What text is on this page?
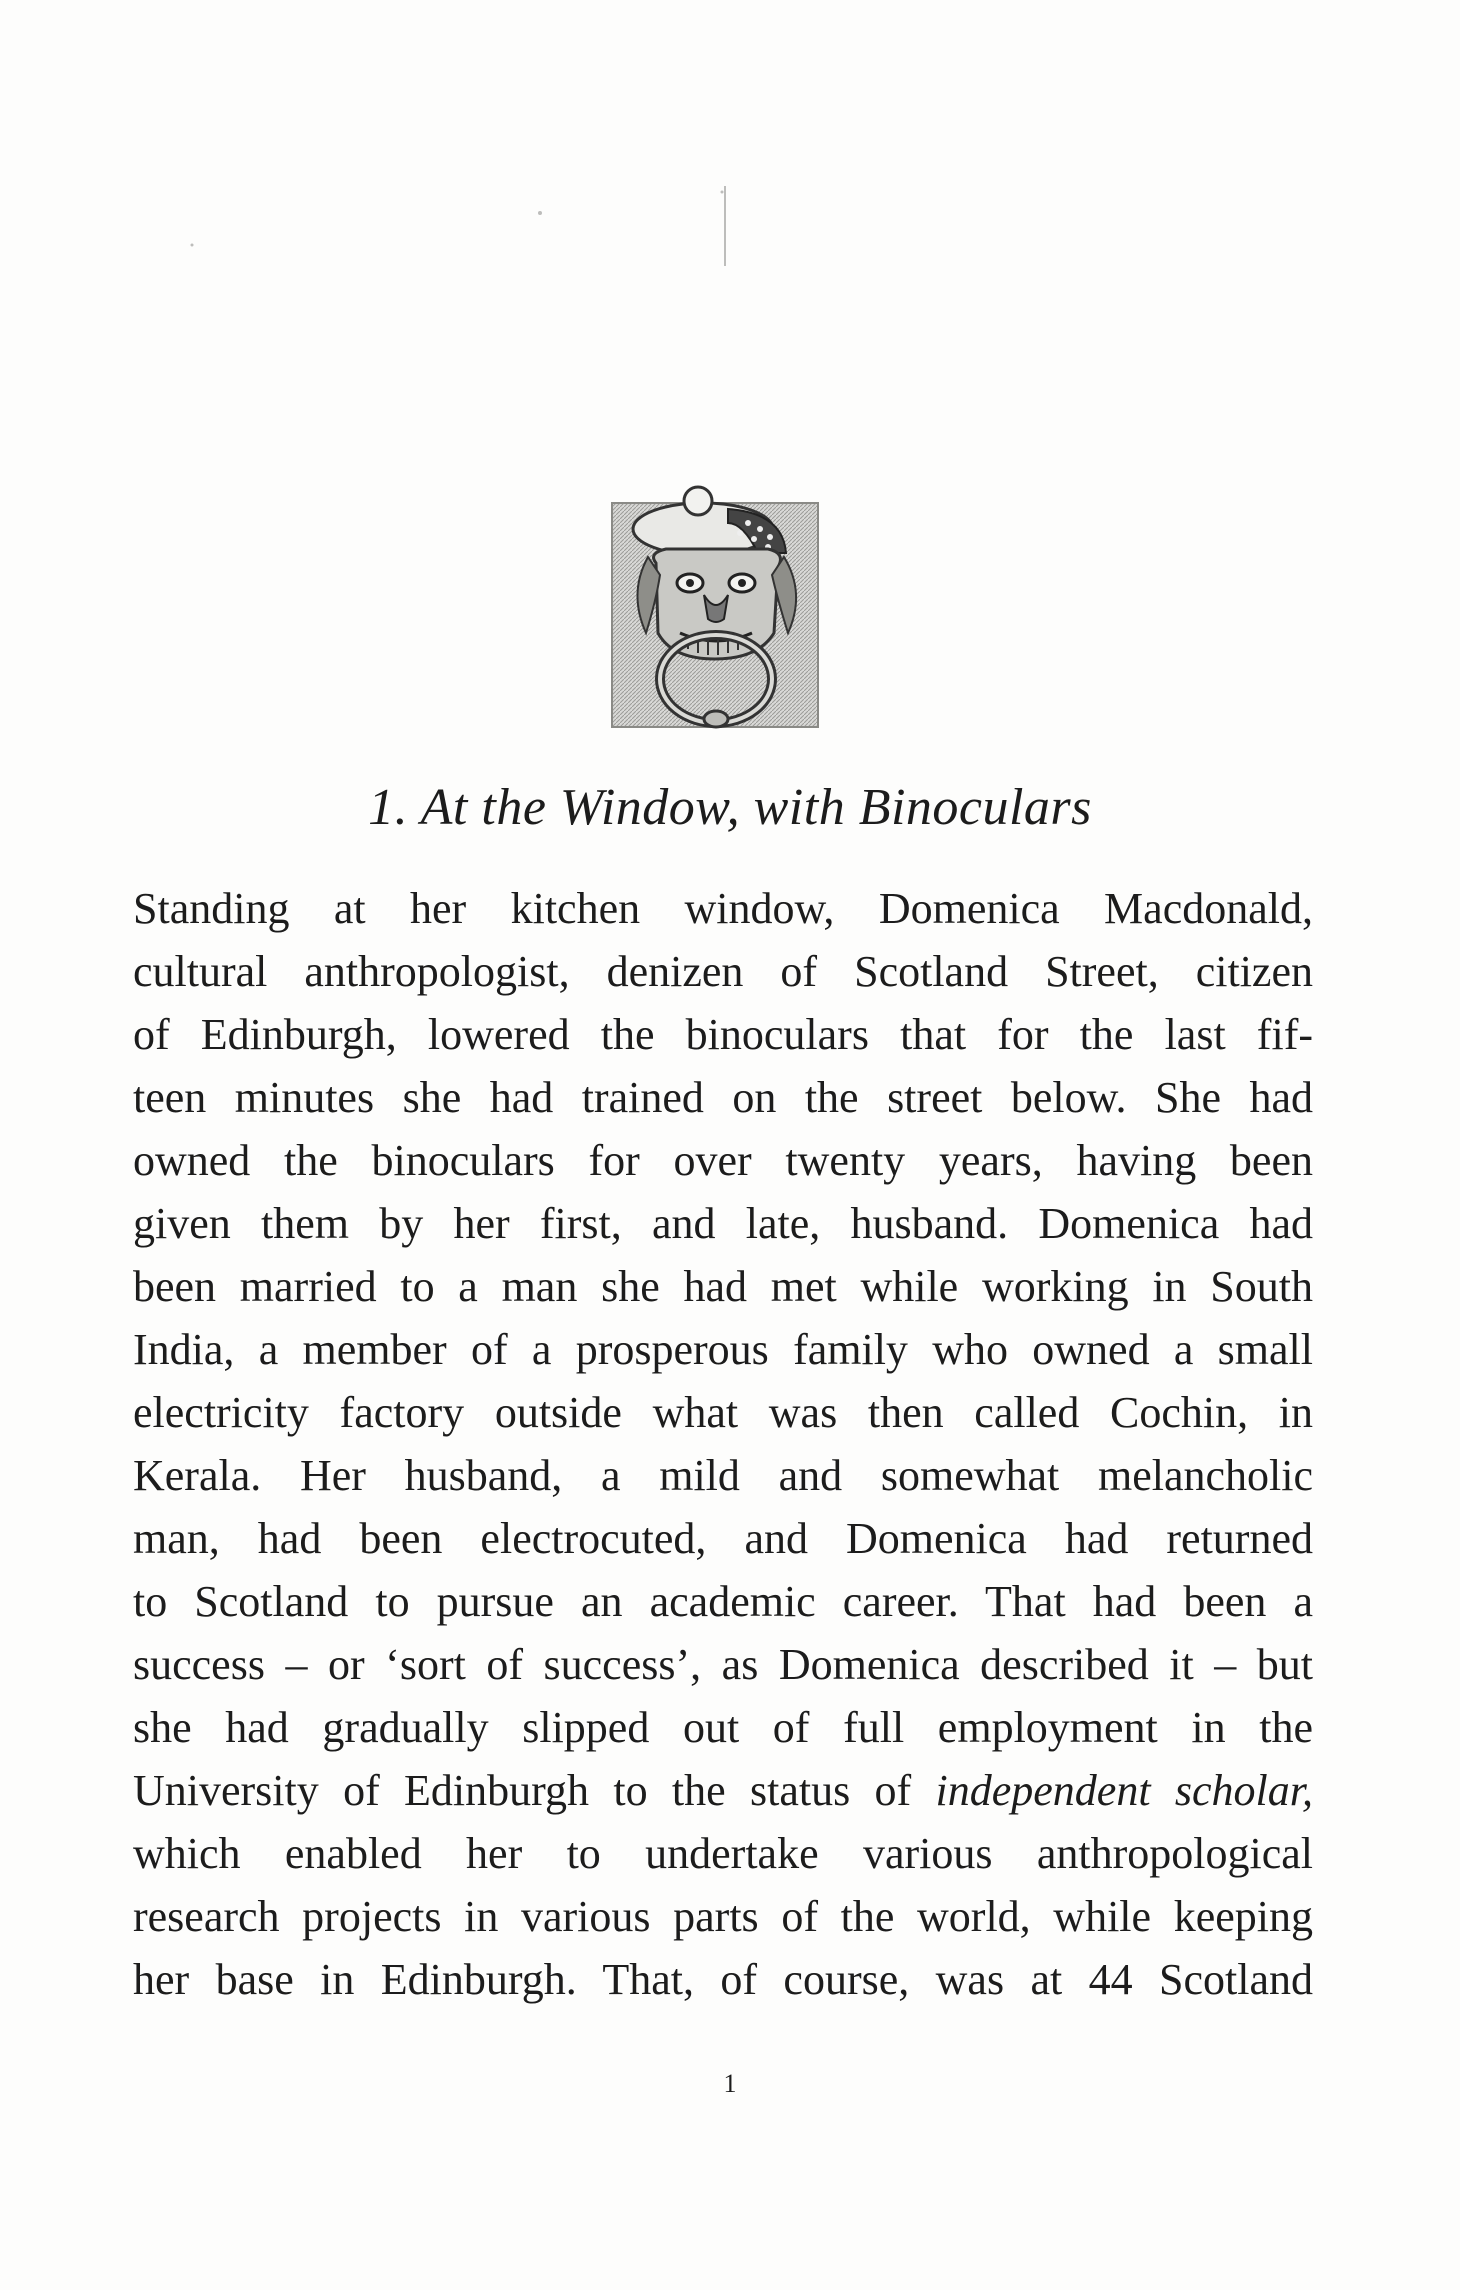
1. At the Window, with Binoculars
Standing at her kitchen window, Domenica Macdonald,
cultural anthropologist, denizen of Scotland Street, citizen
of Edinburgh, lowered the binoculars that for the last fif-
teen minutes she had trained on the street below. She had
owned the binoculars for over twenty years, having been
given them by her first, and late, husband. Domenica had
been married to a man she had met while working in South
India, a member of a prosperous family who owned a small
electricity factory outside what was then called Cochin, in
Kerala. Her husband, a mild and somewhat melancholic
man, had been electrocuted, and Domenica had returned
to Scotland to pursue an academic career. That had been a
success – or ‘sort of success’, as Domenica described it – but
she had gradually slipped out of full employment in the
University of Edinburgh to the status of independent scholar,
which enabled her to undertake various anthropological
research projects in various parts of the world, while keeping
her base in Edinburgh. That, of course, was at 44 Scotland
1
